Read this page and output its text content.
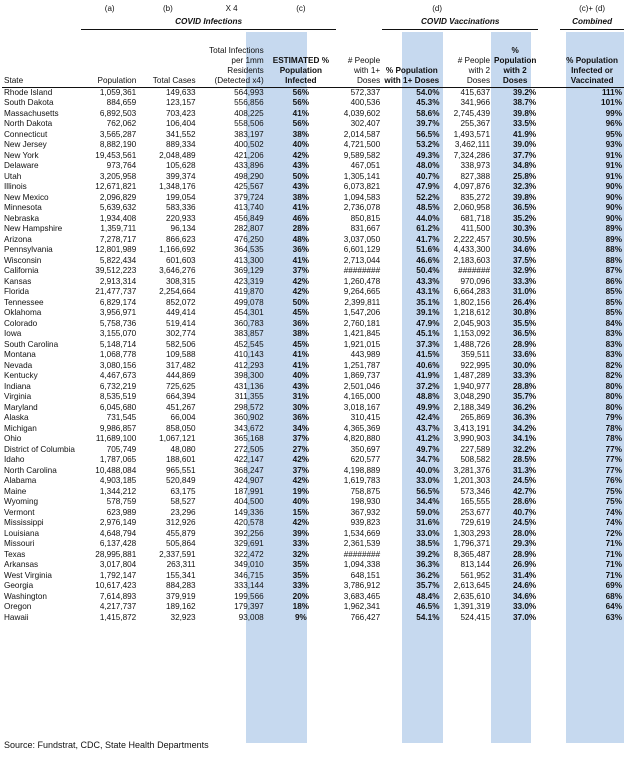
	(a)	(b)	X 4	(c)		(d)				(c)+ (d)
	COVID Infections					COVID Vaccinations				Combined
State	Population	Total Cases	Total Infections per 1mm Residents (Detected x4)	ESTIMATED % Population Infected	# People with 1+ Doses	% Population with 1+ Doses	# People with 2 Doses	% Population with 2 Doses		% Population Infected or Vaccinated
Rhode Island	1,059,361	149,633	564,993	56%	572,337	54.0%	415,637	39.2%		111%
South Dakota	884,659	123,157	556,856	56%	400,536	45.3%	341,966	38.7%		101%
Massachusetts	6,892,503	703,423	408,225	41%	4,039,602	58.6%	2,745,439	39.8%		99%
North Dakota	762,062	106,404	558,506	56%	302,407	39.7%	255,367	33.5%		96%
Connecticut	3,565,287	341,552	383,197	38%	2,014,587	56.5%	1,493,571	41.9%		95%
New Jersey	8,882,190	889,334	400,502	40%	4,721,500	53.2%	3,462,111	39.0%		93%
New York	19,453,561	2,048,489	421,206	42%	9,589,582	49.3%	7,324,286	37.7%		91%
Delaware	973,764	105,628	433,896	43%	467,051	48.0%	338,973	34.8%		91%
Utah	3,205,958	399,374	498,290	50%	1,305,141	40.7%	827,388	25.8%		91%
Illinois	12,671,821	1,348,176	425,567	43%	6,073,821	47.9%	4,097,876	32.3%		90%
New Mexico	2,096,829	199,054	379,724	38%	1,094,583	52.2%	835,272	39.8%		90%
Minnesota	5,639,632	583,336	413,740	41%	2,736,078	48.5%	2,060,958	36.5%		90%
Nebraska	1,934,408	220,933	456,849	46%	850,815	44.0%	681,718	35.2%		90%
New Hampshire	1,359,711	96,134	282,807	28%	831,667	61.2%	411,500	30.3%		89%
Arizona	7,278,717	866,623	476,250	48%	3,037,050	41.7%	2,222,457	30.5%		89%
Pennsylvania	12,801,989	1,166,692	364,535	36%	6,601,129	51.6%	4,433,300	34.6%		88%
Wisconsin	5,822,434	601,603	413,300	41%	2,713,044	46.6%	2,183,603	37.5%		88%
California	39,512,223	3,646,276	369,129	37%	########	50.4%	#######	32.9%		87%
Kansas	2,913,314	308,315	423,319	42%	1,260,478	43.3%	970,096	33.3%		86%
Florida	21,477,737	2,254,664	419,870	42%	9,264,665	43.1%	6,664,283	31.0%		85%
Tennessee	6,829,174	852,072	499,078	50%	2,399,811	35.1%	1,802,156	26.4%		85%
Oklahoma	3,956,971	449,414	454,301	45%	1,547,206	39.1%	1,218,612	30.8%		85%
Colorado	5,758,736	519,414	360,783	36%	2,760,181	47.9%	2,045,903	35.5%		84%
Iowa	3,155,070	302,774	383,857	38%	1,421,845	45.1%	1,153,092	36.5%		83%
South Carolina	5,148,714	582,506	452,545	45%	1,921,015	37.3%	1,488,726	28.9%		83%
Montana	1,068,778	109,588	410,143	41%	443,989	41.5%	359,511	33.6%		83%
Nevada	3,080,156	317,482	412,293	41%	1,251,787	40.6%	922,995	30.0%		82%
Kentucky	4,467,673	444,869	398,300	40%	1,869,737	41.9%	1,487,289	33.3%		82%
Indiana	6,732,219	725,625	431,136	43%	2,501,046	37.2%	1,940,977	28.8%		80%
Virginia	8,535,519	664,394	311,355	31%	4,165,000	48.8%	3,048,290	35.7%		80%
Maryland	6,045,680	451,267	298,572	30%	3,018,167	49.9%	2,188,349	36.2%		80%
Alaska	731,545	66,004	360,902	36%	310,415	42.4%	265,869	36.3%		79%
Michigan	9,986,857	858,050	343,672	34%	4,365,369	43.7%	3,413,191	34.2%		78%
Ohio	11,689,100	1,067,121	365,168	37%	4,820,880	41.2%	3,990,903	34.1%		78%
District of Columbia	705,749	48,080	272,505	27%	350,697	49.7%	227,589	32.2%		77%
Idaho	1,787,065	188,601	422,147	42%	620,577	34.7%	508,582	28.5%		77%
North Carolina	10,488,084	965,551	368,247	37%	4,198,889	40.0%	3,281,376	31.3%		77%
Alabama	4,903,185	520,849	424,907	42%	1,619,783	33.0%	1,201,303	24.5%		76%
Maine	1,344,212	63,175	187,991	19%	758,875	56.5%	573,346	42.7%		75%
Wyoming	578,759	58,527	404,500	40%	198,930	34.4%	165,555	28.6%		75%
Vermont	623,989	23,296	149,336	15%	367,932	59.0%	253,677	40.7%		74%
Mississippi	2,976,149	312,926	420,578	42%	939,823	31.6%	729,619	24.5%		74%
Louisiana	4,648,794	455,879	392,256	39%	1,534,669	33.0%	1,303,293	28.0%		72%
Missouri	6,137,428	505,864	329,691	33%	2,361,539	38.5%	1,796,371	29.3%		71%
Texas	28,995,881	2,337,591	322,472	32%	########	39.2%	8,365,487	28.9%		71%
Arkansas	3,017,804	263,311	349,010	35%	1,094,338	36.3%	813,144	26.9%		71%
West Virginia	1,792,147	155,341	346,715	35%	648,151	36.2%	561,952	31.4%		71%
Georgia	10,617,423	884,283	333,144	33%	3,786,912	35.7%	2,613,645	24.6%		69%
Washington	7,614,893	379,919	199,566	20%	3,683,465	48.4%	2,635,610	34.6%		68%
Oregon	4,217,737	189,162	179,397	18%	1,962,341	46.5%	1,391,319	33.0%		64%
Hawaii	1,415,872	32,923	93,008	9%	766,427	54.1%	524,415	37.0%		63%
Source: Fundstrat, CDC, State Health Departments
